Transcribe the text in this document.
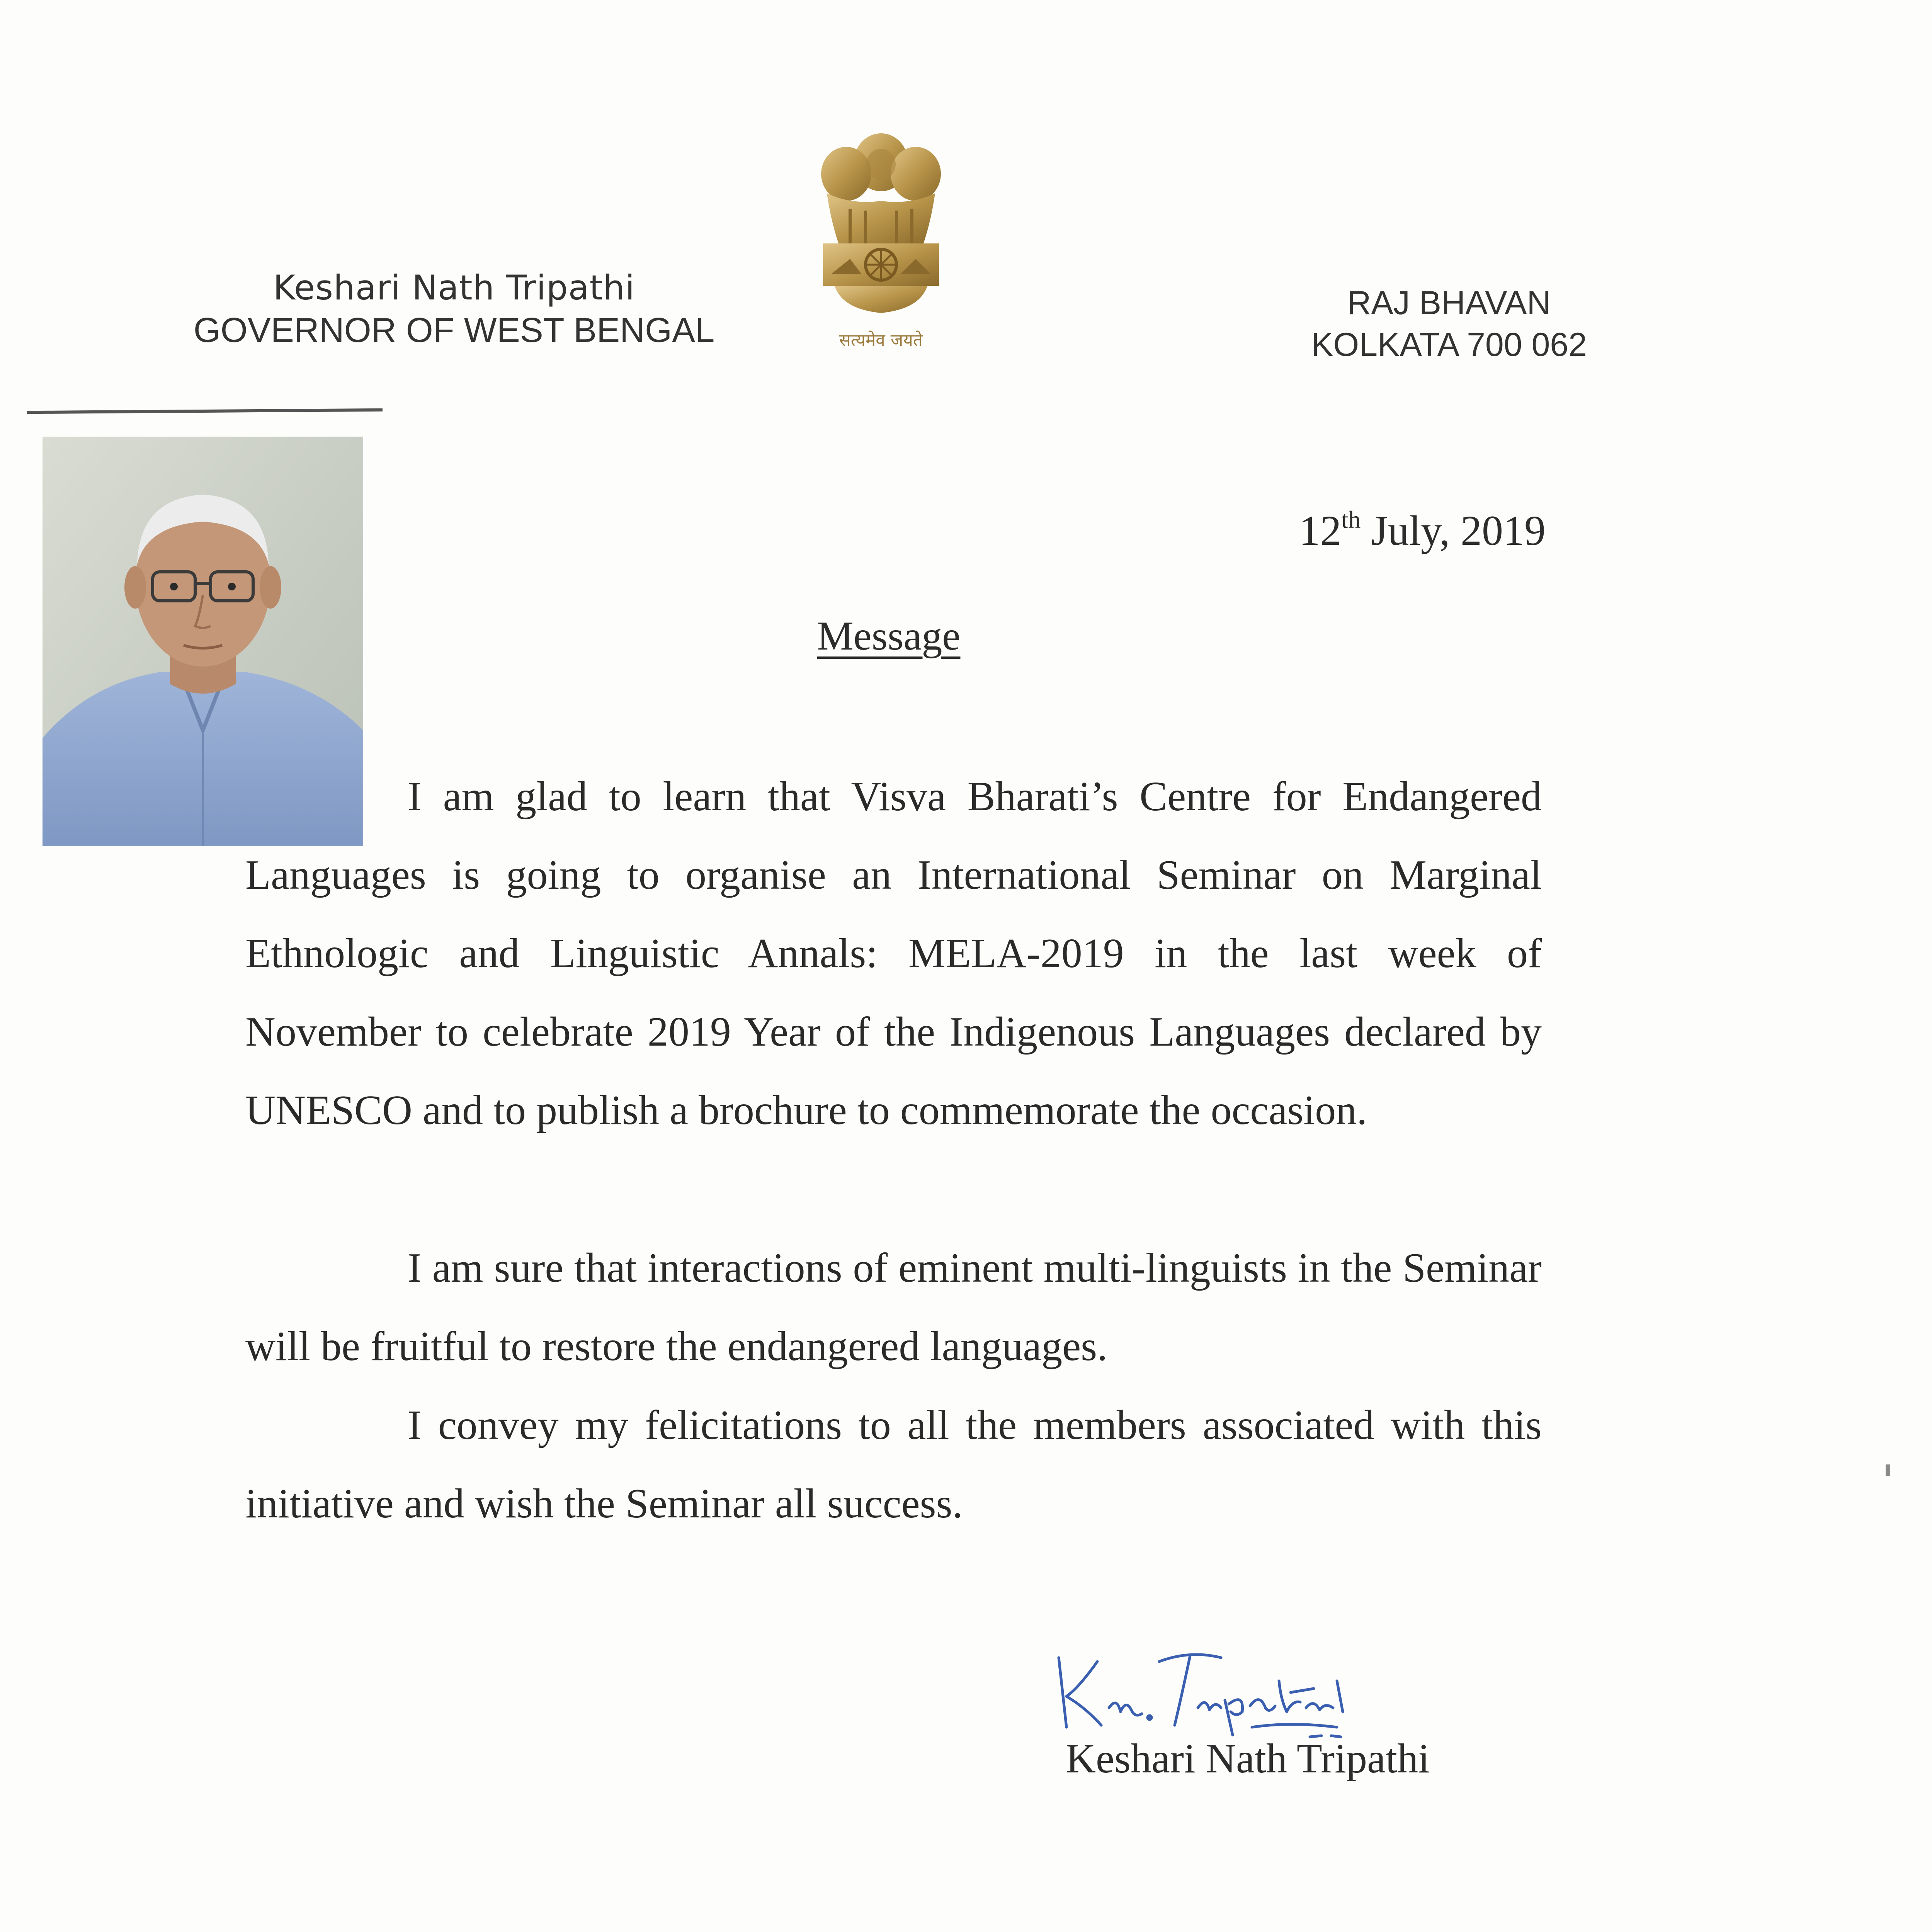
Keshari Nath Tripathi
GOVERNOR OF WEST BENGAL	सत्यमेव जयते
RAJ BHAVAN
KOLKATA 700 062
12th July, 2019
Message
I am glad to learn that Visva Bharati’s Centre for Endangered Languages is going to organise an International Seminar on Marginal Ethnologic and Linguistic Annals: MELA-2019 in the last week of November to celebrate 2019 Year of the Indigenous Languages declared by UNESCO and to publish a brochure to commemorate the occasion.
I am sure that interactions of eminent multi-linguists in the Seminar will be fruitful to restore the endangered languages.
I convey my felicitations to all the members associated with this initiative and wish the Seminar all success.
Keshari Nath Tripathi
